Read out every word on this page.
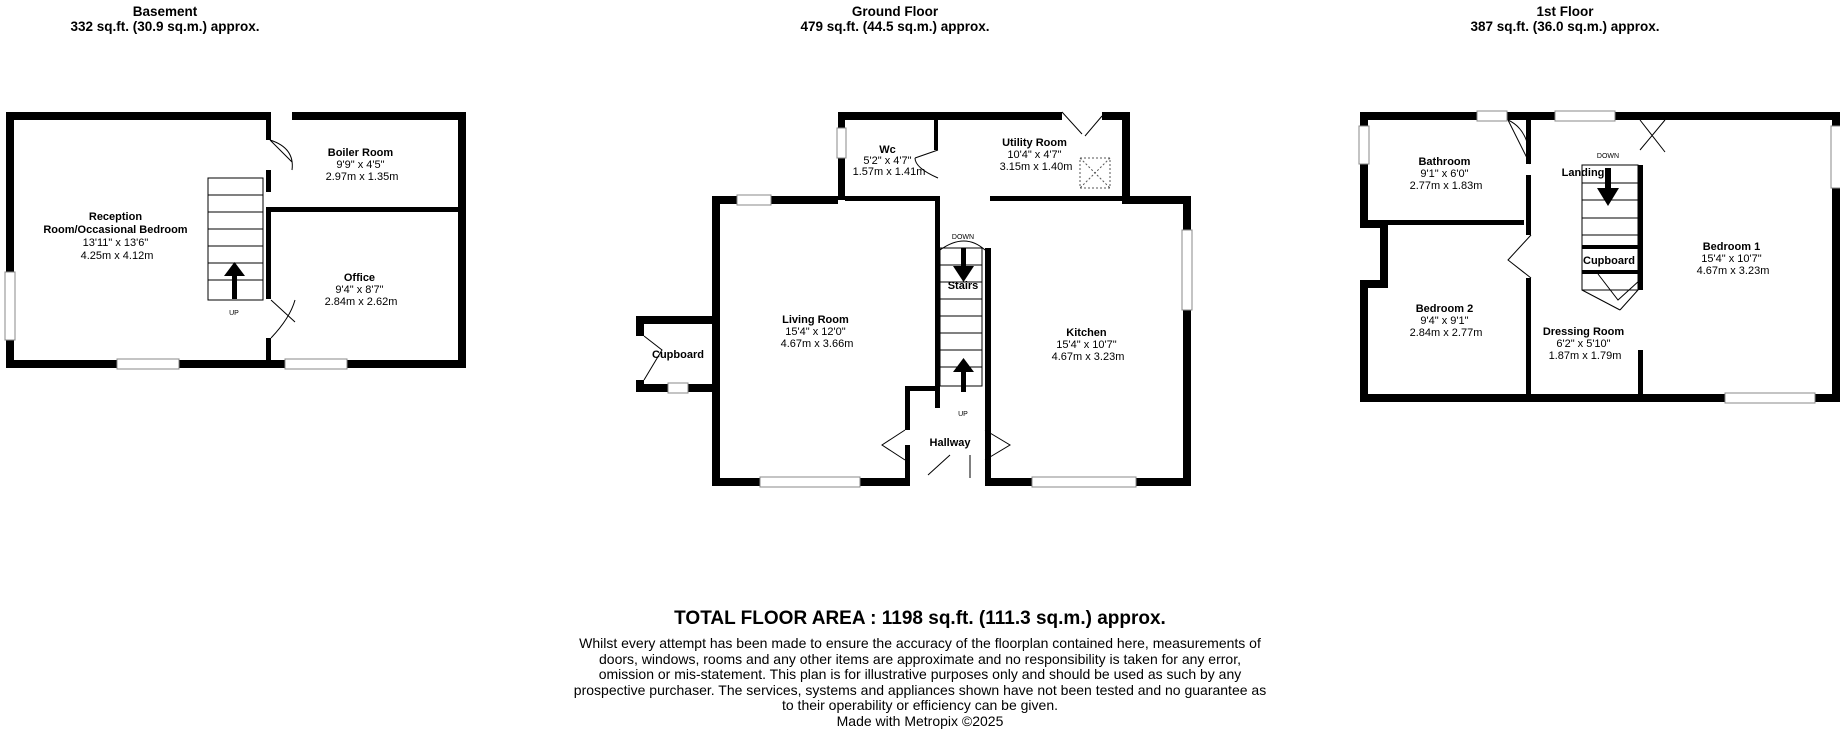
Basement
332 sq.ft. (30.9 sq.m.) approx.
Ground Floor
479 sq.ft. (44.5 sq.m.) approx.
1st Floor
387 sq.ft. (36.0 sq.m.) approx.
UP
Reception Room/Occasional Bedroom 13'11" x 13'6" 4.25m x 4.12m
Boiler Room 9'9" x 4'5" 2.97m x 1.35m
Office 9'4" x 8'7" 2.84m x 2.62m
DOWN
UP
Wc 5'2" x 4'7" 1.57m x 1.41m
Utility Room 10'4" x 4'7" 3.15m x 1.40m
Living Room 15'4" x 12'0" 4.67m x 3.66m
Kitchen 15'4" x 10'7" 4.67m x 3.23m
Cupboard
Stairs
Hallway
DOWN
Bathroom 9'1" x 6'0" 2.77m x 1.83m
Landing
Cupboard
Bedroom 1 15'4" x 10'7" 4.67m x 3.23m
Bedroom 2 9'4" x 9'1" 2.84m x 2.77m	Dressing Room 6'2" x 5'10" 1.87m x 1.79m
TOTAL FLOOR AREA : 1198 sq.ft. (111.3 sq.m.) approx.
Whilst every attempt has been made to ensure the accuracy of the floorplan contained here, measurements of doors, windows, rooms and any other items are approximate and no responsibility is taken for any error, omission or mis-statement. This plan is for illustrative purposes only and should be used as such by any prospective purchaser. The services, systems and appliances shown have not been tested and no guarantee as to their operability or efficiency can be given.
Made with Metropix ©2025
